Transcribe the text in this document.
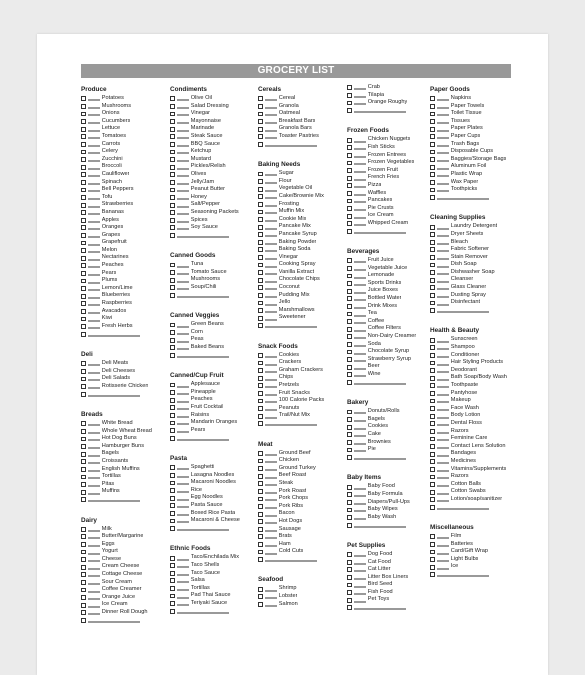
GROCERY LIST
Produce
Potatoes
Mushrooms
Onions
Cucumbers
Lettuce
Tomatoes
Carrots
Celery
Zucchini
Broccoli
Cauliflower
Spinach
Bell Peppers
Tofu
Strawberries
Bananas
Apples
Oranges
Grapes
Grapefruit
Melon
Nectarines
Peaches
Pears
Plums
Lemon/Lime
Blueberries
Raspberries
Avacados
Kiwi
Fresh Herbs
Deli
Deli Meats
Deli Cheeses
Deli Salads
Rotisserie Chicken
Breads
White Bread
Whole Wheat Bread
Hot Dog Buns
Hamburger Buns
Bagels
Croissants
English Muffins
Tortillas
Pitas
Muffins
Dairy
Milk
Butter/Margarine
Eggs
Yogurt
Cheese
Cream Cheese
Cottage Cheese
Sour Cream
Coffee Creamer
Orange Juice
Ice Cream
Dinner Roll Dough
Condiments
Olive Oil
Salad Dressing
Vinegar
Mayonnaise
Marinade
Steak Sauce
BBQ Sauce
Ketchup
Mustard
Pickles/Relish
Olives
Jelly/Jam
Peanut Butter
Honey
Salt/Pepper
Seasoning Packets
Spices
Soy Sauce
Canned Goods
Tuna
Tomato Sauce
Mushrooms
Soup/Chili
Canned Veggies
Green Beans
Corn
Peas
Baked Beans
Canned/Cup Fruit
Applesauce
Pineapple
Peaches
Fruit Cocktail
Raisins
Mandarin Oranges
Pears
Pasta
Spaghetti
Lasagna Noodles
Macaroni Noodles
Rice
Egg Noodles
Pasta Sauce
Boxed Rice Pasta
Macaroni & Cheese
Ethnic Foods
Taco/Enchilada Mix
Taco Shells
Taco Sauce
Salsa
Tortillas
Pad Thai Sauce
Teriyaki Sauce
Cereals
Cereal
Granola
Oatmeal
Breakfast Bars
Granola Bars
Toaster Pastries
Baking Needs
Sugar
Flour
Vegetable Oil
Cake/Brownie Mix
Frosting
Muffin Mix
Cookie Mix
Pancake Mix
Pancake Syrup
Baking Powder
Baking Soda
Vinegar
Cooking Spray
Vanilla Extract
Chocolate Chips
Coconut
Pudding Mix
Jello
Marshmallows
Sweetener
Snack Foods
Cookies
Crackers
Graham Crackers
Chips
Pretzels
Fruit Snacks
100 Calorie Packs
Peanuts
Trail/Nut Mix
Meat
Ground Beef
Chicken
Ground Turkey
Beef Roast
Steak
Pork Roast
Pork Chops
Pork Ribs
Bacon
Hot Dogs
Sausage
Brats
Ham
Cold Cuts
Seafood
Shrimp
Lobster
Salmon
Crab
Tilapia
Orange Roughy
Frozen Foods
Chicken Nuggets
Fish Sticks
Frozen Entrees
Frozen Vegetables
Frozen Fruit
French Fries
Pizza
Waffles
Pancakes
Pie Crusts
Ice Cream
Whipped Cream
Beverages
Fruit Juice
Vegetable Juice
Lemonade
Sports Drinks
Juice Boxes
Bottled Water
Drink Mixes
Tea
Coffee
Coffee Filters
Non-Dairy Creamer
Soda
Chocolate Syrup
Strawberry Syrup
Beer
Wine
Bakery
Donuts/Rolls
Bagels
Cookies
Cake
Brownies
Pie
Baby Items
Baby Food
Baby Formula
Diapers/Pull-Ups
Baby Wipes
Baby Wash
Pet Supplies
Dog Food
Cat Food
Cat Litter
Litter Box Liners
Bird Seed
Fish Food
Pet Toys
Paper Goods
Napkins
Paper Towels
Toilet Tissue
Tissues
Paper Plates
Paper Cups
Trash Bags
Disposable Cups
Baggies/Storage Bags
Aluminum Foil
Plastic Wrap
Wax Paper
Toothpicks
Cleaning Supplies
Laundry Detergent
Dryer Sheets
Bleach
Fabric Softener
Stain Remover
Dish Soap
Dishwasher Soap
Cleanser
Glass Cleaner
Dusting Spray
Disinfectant
Health & Beauty
Sunscreen
Shampoo
Conditioner
Hair Styling Products
Deodorant
Bath Soap/Body Wash
Toothpaste
Pantyhose
Makeup
Face Wash
Body Lotion
Dental Floss
Razors
Feminine Care
Contact Lens Solution
Bandages
Medicines
Vitamins/Supplements
Razors
Cotton Balls
Cotton Swabs
Lotion/soap/sanitizer
Miscellaneous
Film
Batteries
Card/Gift Wrap
Light Bulbs
Ice
